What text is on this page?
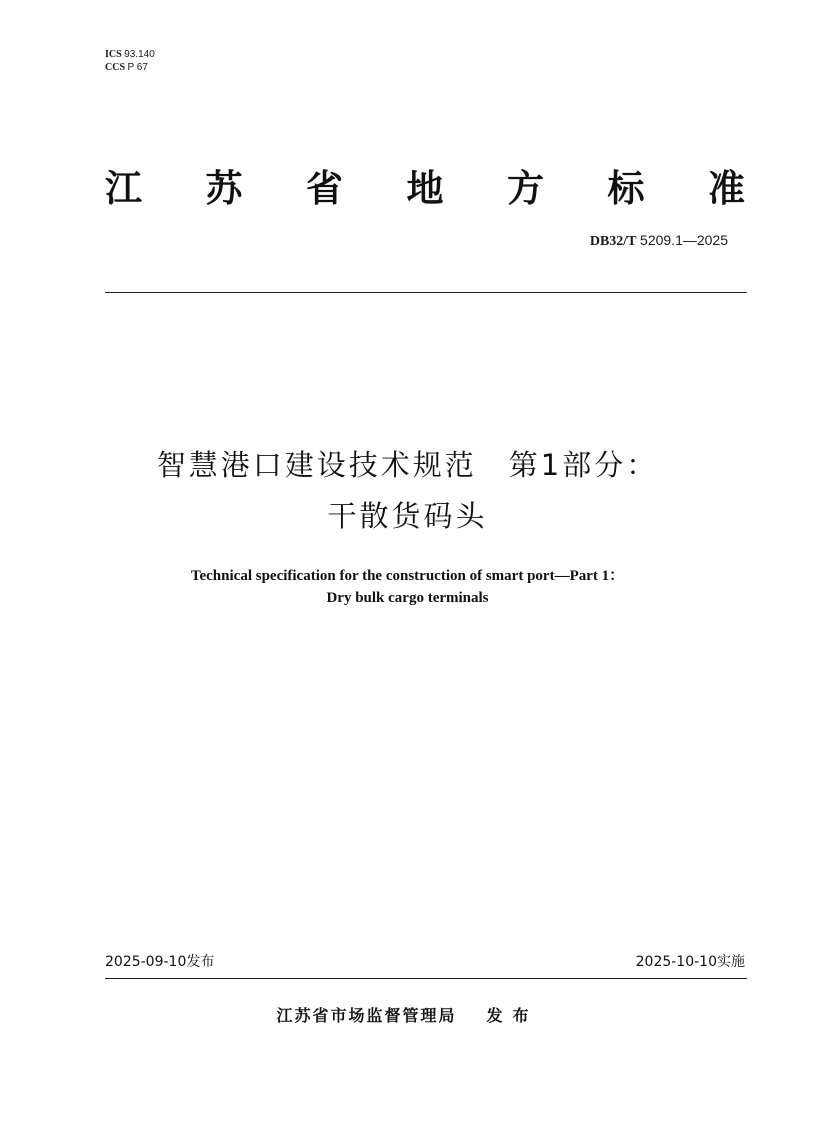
ICS 93.140
CCS P 67
江 苏 省 地 方 标 准
DB32/T 5209.1—2025
智慧港口建设技术规范　第1部分：
干散货码头
Technical specification for the construction of smart port—Part 1：
Dry bulk cargo terminals
2025-09-10发布	2025-10-10实施
江苏省市场监督管理局 发布
